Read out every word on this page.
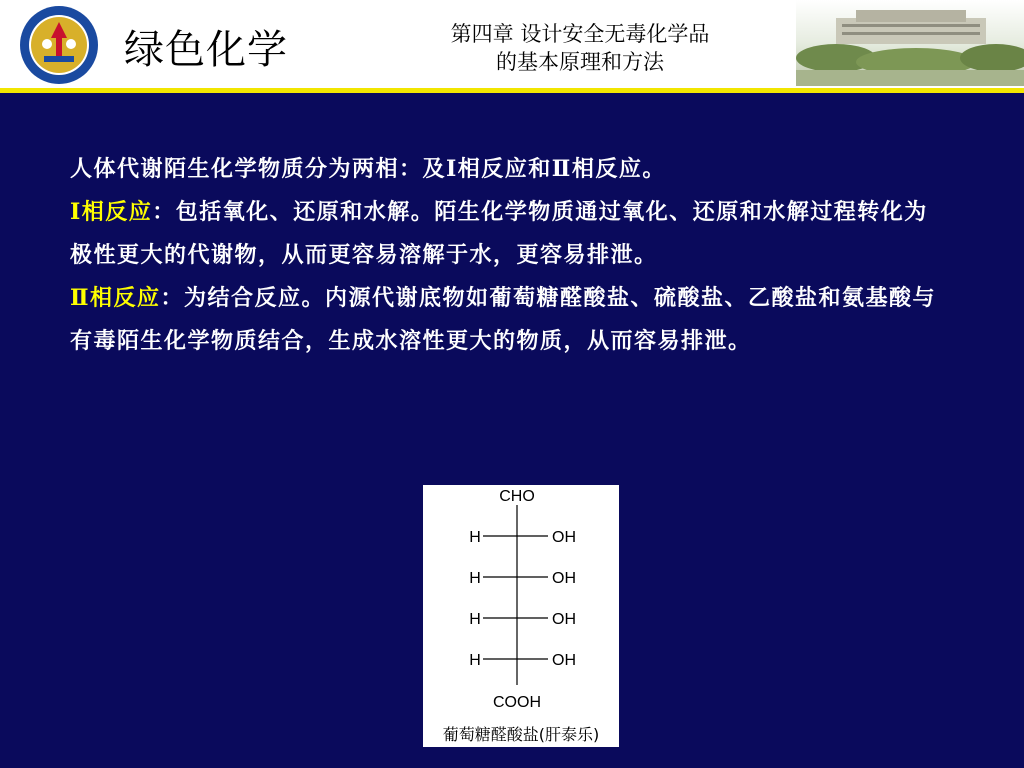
绿色化学	第四章 设计安全无毒化学品
的基本原理和方法

人体代谢陌生化学物质分为两相：及Ⅰ相反应和Ⅱ相反应。

Ⅰ相反应：包括氧化、还原和水解。陌生化学物质通过氧化、还原和水解过程转化为极性更大的代谢物，从而更容易溶解于水，更容易排泄。

Ⅱ相反应：为结合反应。内源代谢底物如葡萄糖醛酸盐、硫酸盐、乙酸盐和氨基酸与有毒陌生化学物质结合，生成水溶性更大的物质，从而容易排泄。

H	OH
H	OH
H	OH
H	OH
CHO
COOH
葡萄糖醛酸盐(肝泰乐)
